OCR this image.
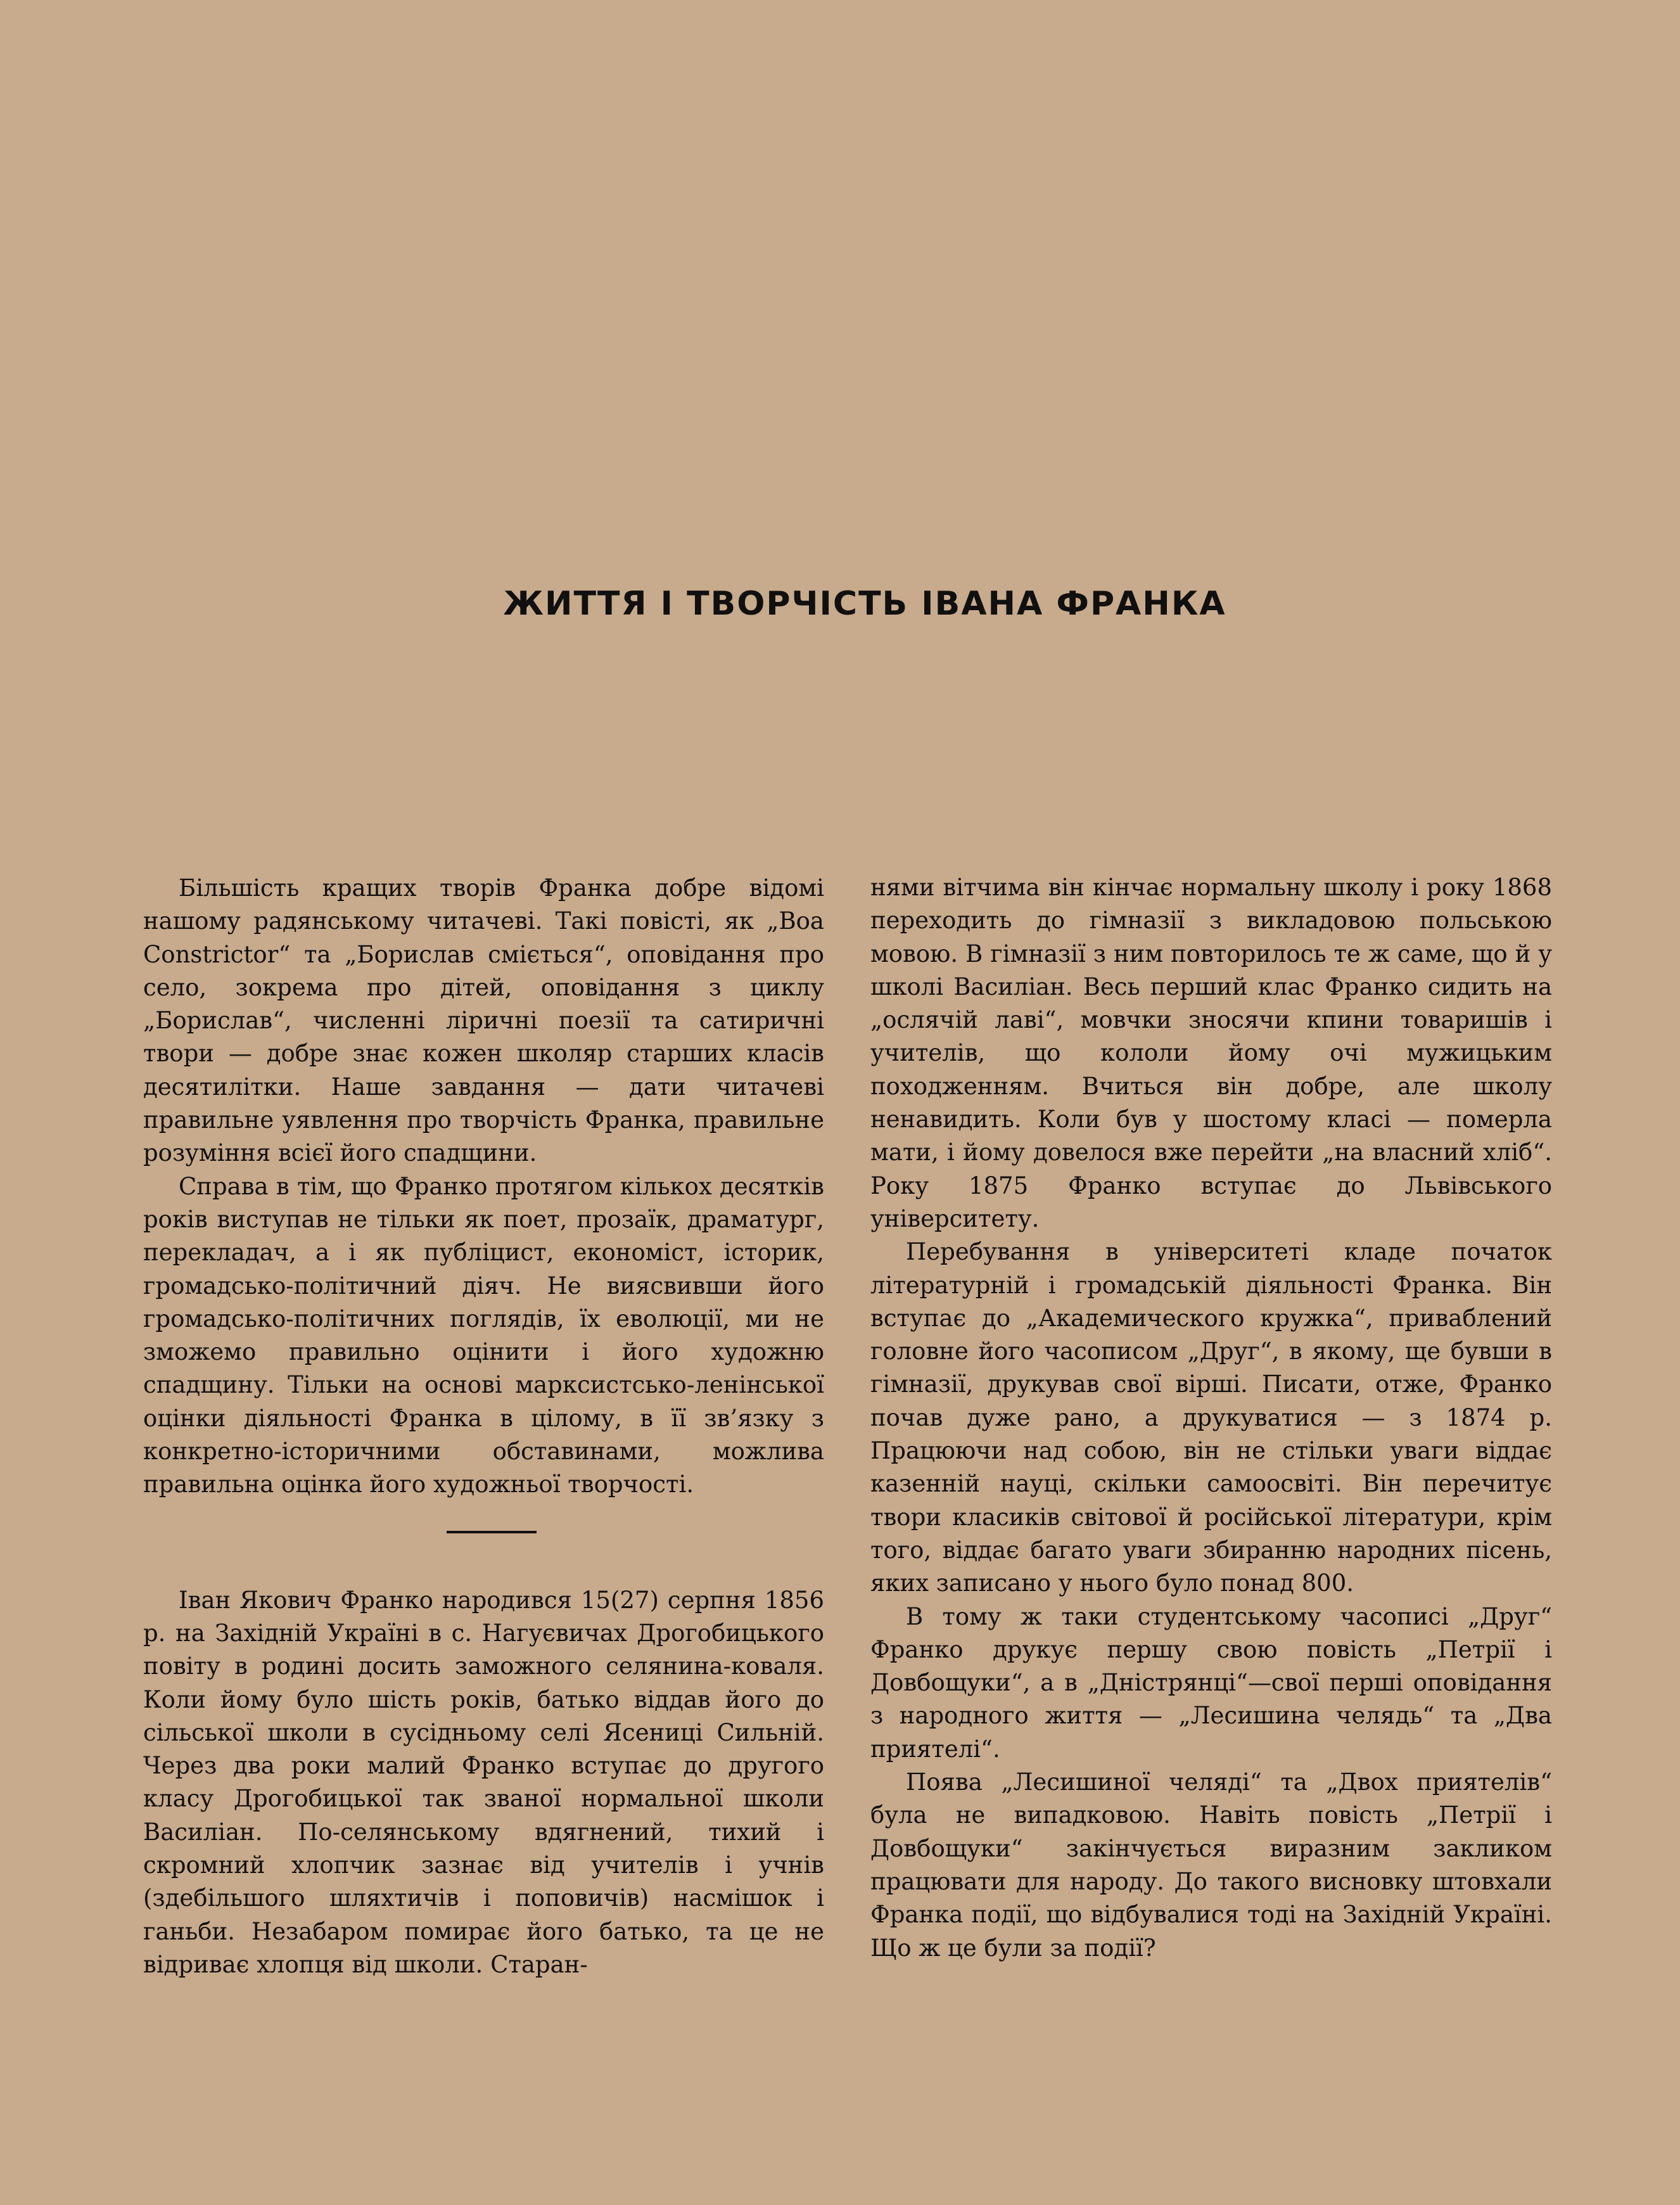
ЖИТТЯ І ТВОРЧІСТЬ ІВАНА ФРАНКА

Більшість кращих творів Франка добре відомі нашому радянському читачеві. Такі повісті, як „Boa Constrictor“ та „Борислав сміється“, оповідання про село, зокрема про дітей, оповідання з циклу „Борислав“, численні ліричні поезії та сатиричні твори — добре знає кожен школяр старших класів десятилітки. Наше завдання — дати читачеві правильне уявлення про творчість Франка, правильне розуміння всієї його спадщини.

Справа в тім, що Франко протягом кількох десятків років виступав не тільки як поет, прозаїк, драматург, перекладач, а і як публіцист, економіст, історик, громадсько-політичний діяч. Не виясвивши його громадсько-політичних поглядів, їх еволюції, ми не зможемо правильно оцінити і його художню спадщину. Тільки на основі марксистсько-ленінської оцінки діяльності Франка в цілому, в її зв’язку з конкретно-історичними обставинами, можлива правильна оцінка його художньої творчості.

Іван Якович Франко народився 15(27) серпня 1856 р. на Західній Україні в с. Нагуєвичах Дрогобицького повіту в родині досить заможного селянина-коваля. Коли йому було шість років, батько віддав його до сільської школи в сусідньому селі Ясениці Сильній. Через два роки малий Франко вступає до другого класу Дрогобицької так званої нормальної школи Василіан. По-селянському вдягнений, тихий і скромний хлопчик зазнає від учителів і учнів (здебільшого шляхтичів і поповичів) насмішок і ганьби. Незабаром помирає його батько, та це не відриває хлопця від школи. Старан-

нями вітчима він кінчає нормальну школу і року 1868 переходить до гімназії з викладовою польською мовою. В гімназії з ним повторилось те ж саме, що й у школі Василіан. Весь перший клас Франко сидить на „ослячій лаві“, мовчки зносячи кпини товаришів і учителів, що кололи йому очі мужицьким походженням. Вчиться він добре, але школу ненавидить. Коли був у шостому класі — померла мати, і йому довелося вже перейти „на власний хліб“. Року 1875 Франко вступає до Львівського університету.

Перебування в університеті кладе початок літературній і громадській діяльності Франка. Він вступає до „Академического кружка“, приваблений головне його часописом „Друг“, в якому, ще бувши в гімназії, друкував свої вірші. Писати, отже, Франко почав дуже рано, а друкуватися — з 1874 р. Працюючи над собою, він не стільки уваги віддає казенній науці, скільки самоосвіті. Він перечитує твори класиків світової й російської літератури, крім того, віддає багато уваги збиранню народних пісень, яких записано у нього було понад 800.

В тому ж таки студентському часописі „Друг“ Франко друкує першу свою повість „Петрії і Довбощуки“, а в „Дністрянці“—свої перші оповідання з народного життя — „Лесишина челядь“ та „Два приятелі“.

Поява „Лесишиної челяді“ та „Двох приятелів“ була не випадковою. Навіть повість „Петрії і Довбощуки“ закінчується виразним закликом працювати для народу. До такого висновку штовхали Франка події, що відбувалися тоді на Західній Україні. Що ж це були за події?
